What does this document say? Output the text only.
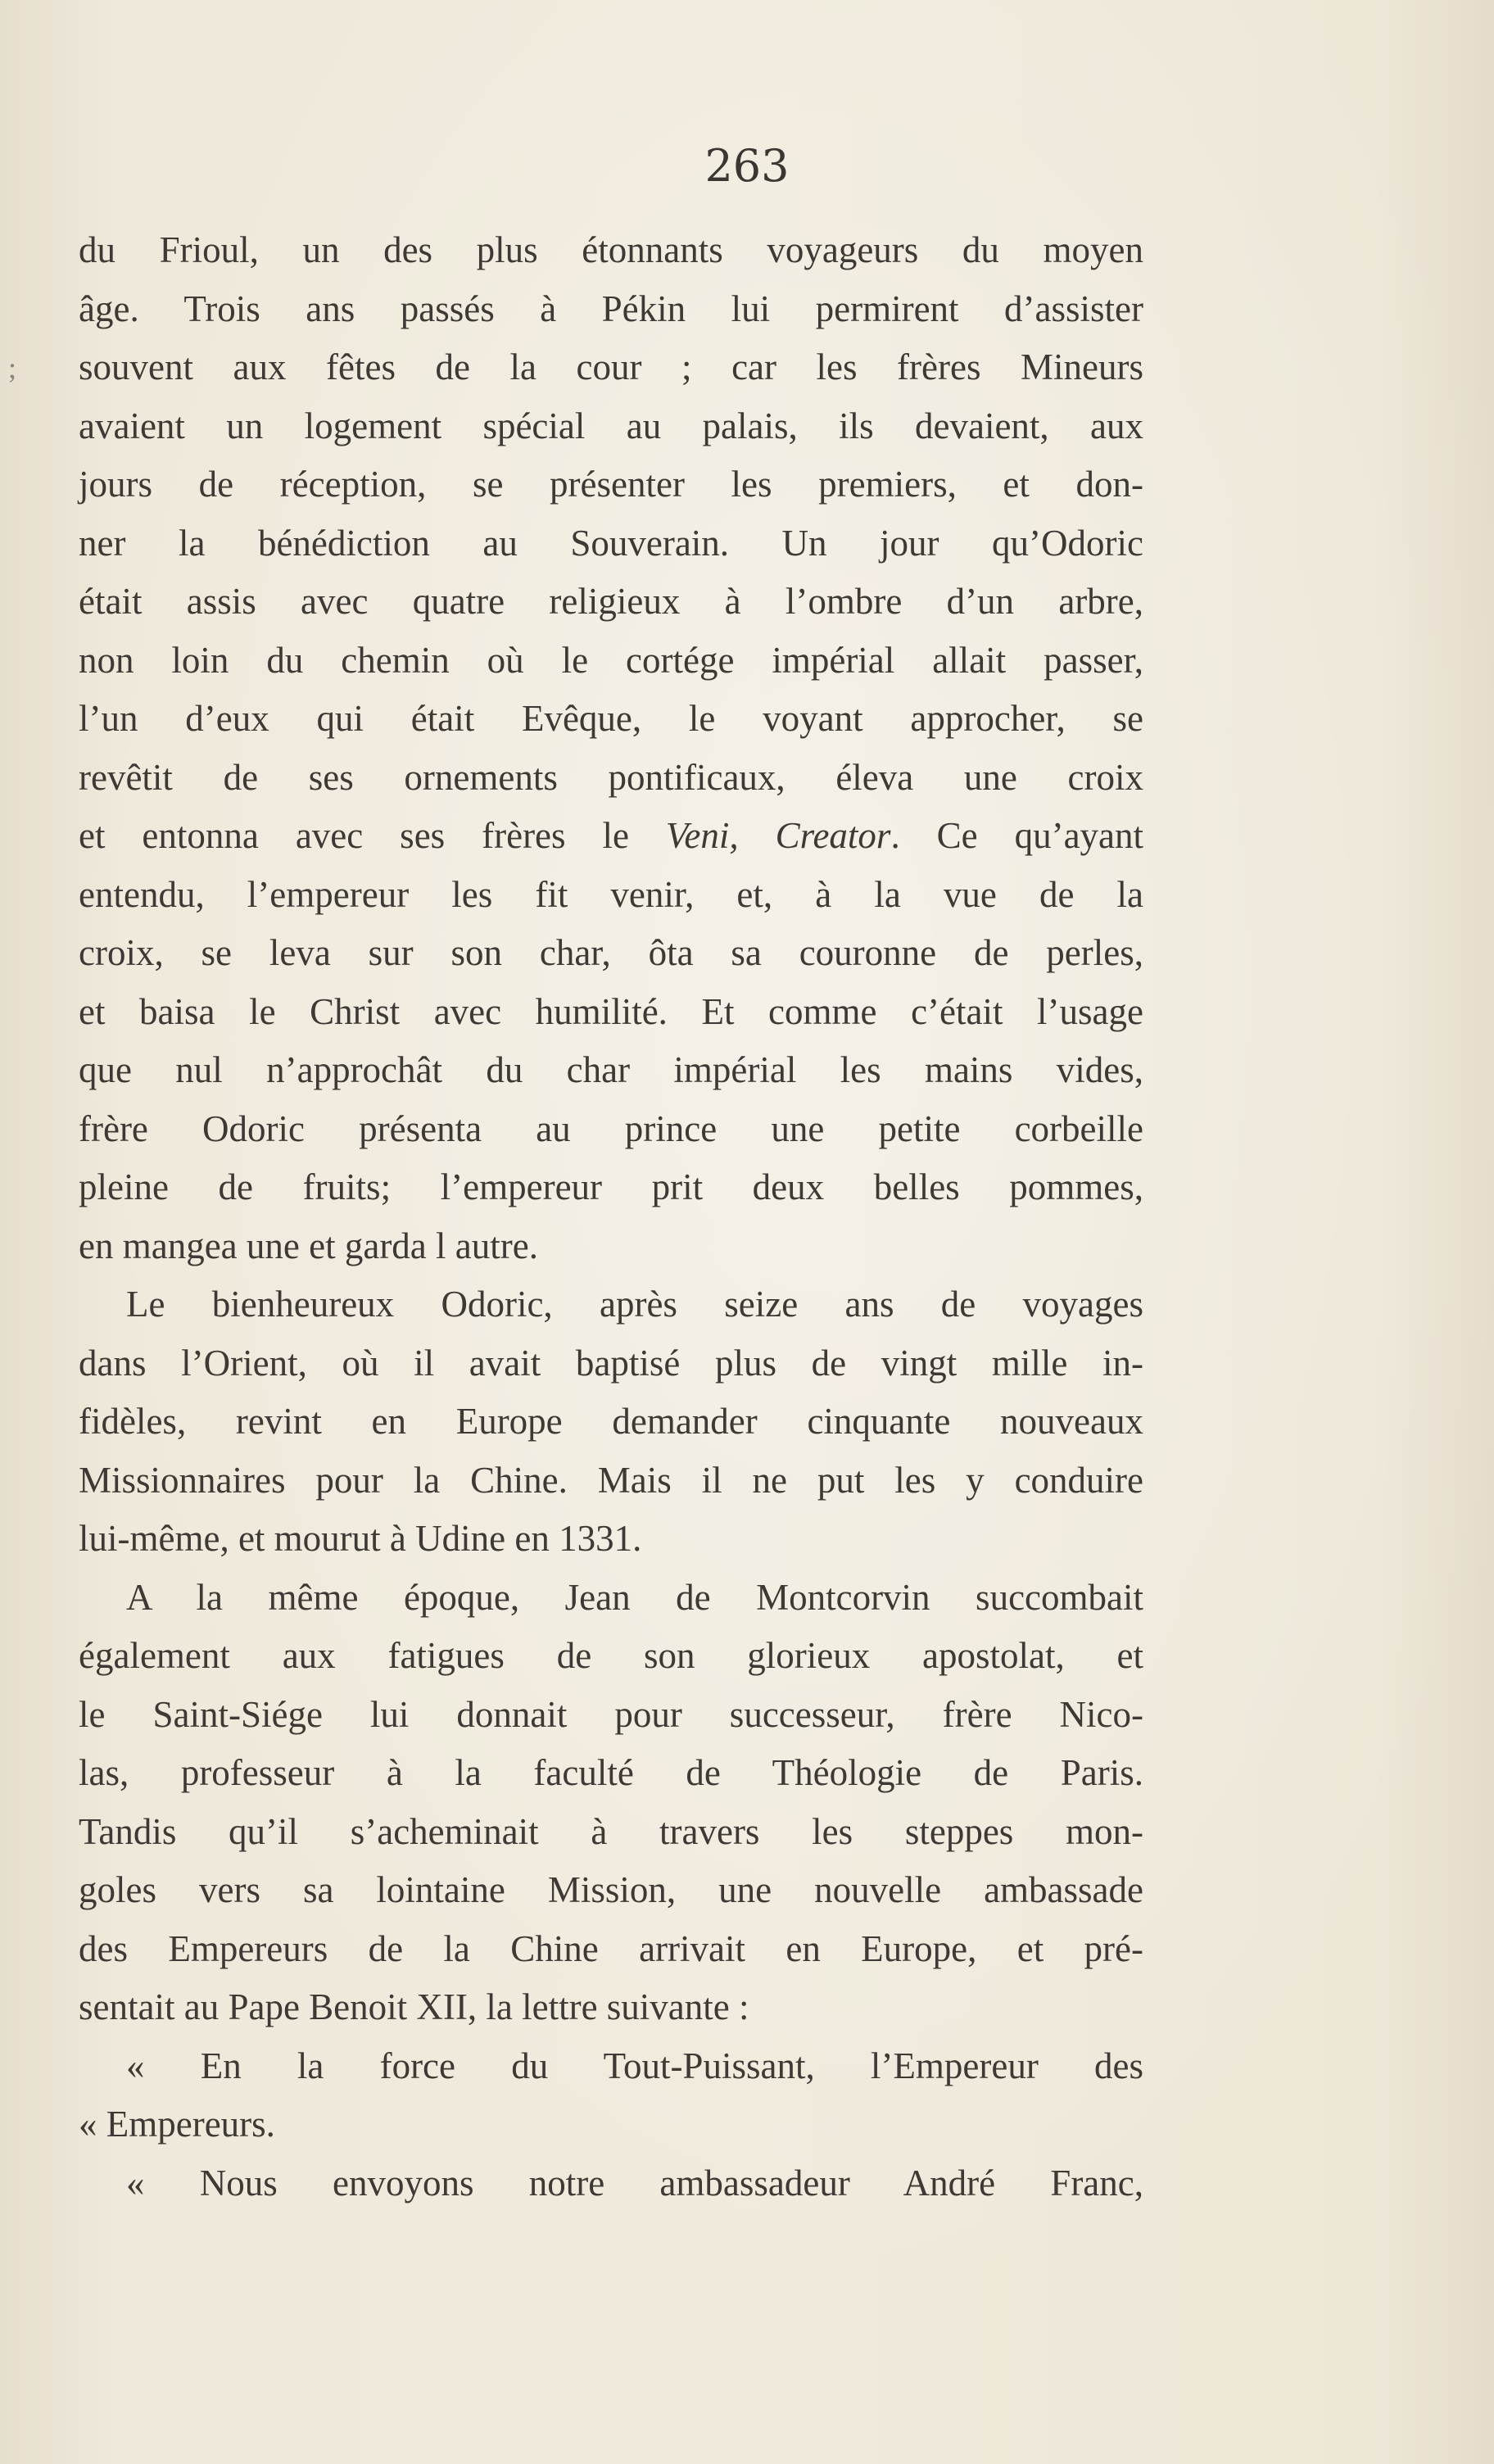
263
;
du Frioul, un des plus étonnants voyageurs du moyen
âge. Trois ans passés à Pékin lui permirent d’assister
souvent aux fêtes de la cour ; car les frères Mineurs
avaient un logement spécial au palais, ils devaient, aux
jours de réception, se présenter les premiers, et don-
ner la bénédiction au Souverain. Un jour qu’Odoric
était assis avec quatre religieux à l’ombre d’un arbre,
non loin du chemin où le cortége impérial allait passer,
l’un d’eux qui était Evêque, le voyant approcher, se
revêtit de ses ornements pontificaux, éleva une croix
et entonna avec ses frères le Veni, Creator. Ce qu’ayant
entendu, l’empereur les fit venir, et, à la vue de la
croix, se leva sur son char, ôta sa couronne de perles,
et baisa le Christ avec humilité. Et comme c’était l’usage
que nul n’approchât du char impérial les mains vides,
frère Odoric présenta au prince une petite corbeille
pleine de fruits; l’empereur prit deux belles pommes,
en mangea une et garda l autre.
Le bienheureux Odoric, après seize ans de voyages
dans l’Orient, où il avait baptisé plus de vingt mille in-
fidèles, revint en Europe demander cinquante nouveaux
Missionnaires pour la Chine. Mais il ne put les y conduire
lui-même, et mourut à Udine en 1331.
A la même époque, Jean de Montcorvin succombait
également aux fatigues de son glorieux apostolat, et
le Saint-Siége lui donnait pour successeur, frère Nico-
las, professeur à la faculté de Théologie de Paris.
Tandis qu’il s’acheminait à travers les steppes mon-
goles vers sa lointaine Mission, une nouvelle ambassade
des Empereurs de la Chine arrivait en Europe, et pré-
sentait au Pape Benoit XII, la lettre suivante :
« En la force du Tout-Puissant, l’Empereur des
« Empereurs.
« Nous envoyons notre ambassadeur André Franc,
